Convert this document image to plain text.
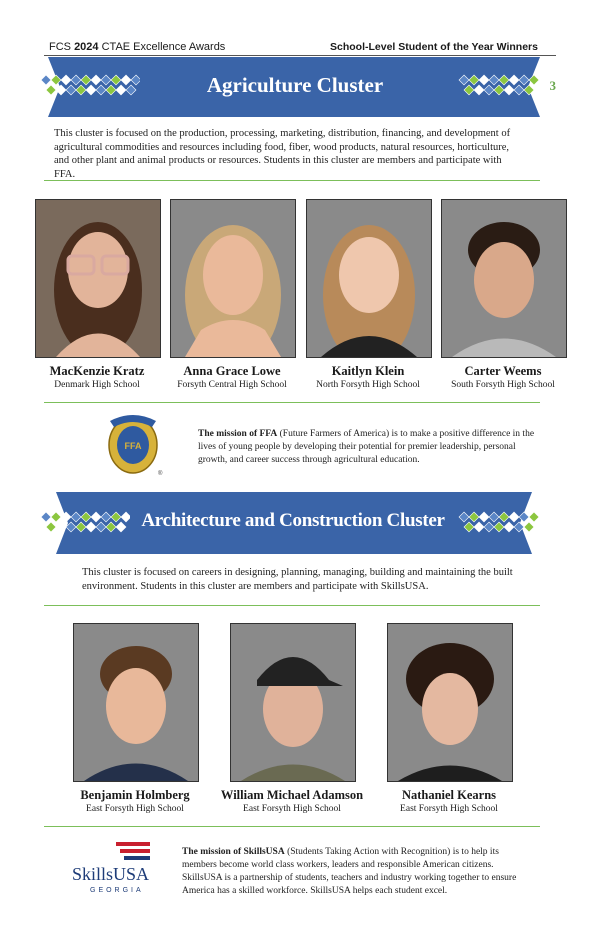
FCS 2024 CTAE Excellence Awards	School-Level Student of the Year Winners
Agriculture Cluster	3
This cluster is focused on the production, processing, marketing, distribution, financing, and development of agricultural commodities and resources including food, fiber, wood products, natural resources, horticulture, and other plant and animal products or resources. Students in this cluster are members and participate with FFA.
MacKenzie Kratz
Denmark High School
Anna Grace Lowe
Forsyth Central High School
Kaitlyn Klein
North Forsyth High School
Carter Weems
South Forsyth High School
FFA
®
The mission of FFA (Future Farmers of America) is to make a positive difference in the lives of young people by developing their potential for premier leadership, personal growth, and career success through agricultural education.
Architecture and Construction Cluster
This cluster is focused on careers in designing, planning, managing, building and maintaining the built environment. Students in this cluster are members and participate with SkillsUSA.
Benjamin Holmberg
East Forsyth High School
William Michael Adamson
East Forsyth High School
Nathaniel Kearns
East Forsyth High School
SkillsUSA
GEORGIA
The mission of SkillsUSA (Students Taking Action with Recognition) is to help its members become world class workers, leaders and responsible American citizens. SkillsUSA is a partnership of students, teachers and industry working together to ensure America has a skilled workforce. SkillsUSA helps each student excel.
